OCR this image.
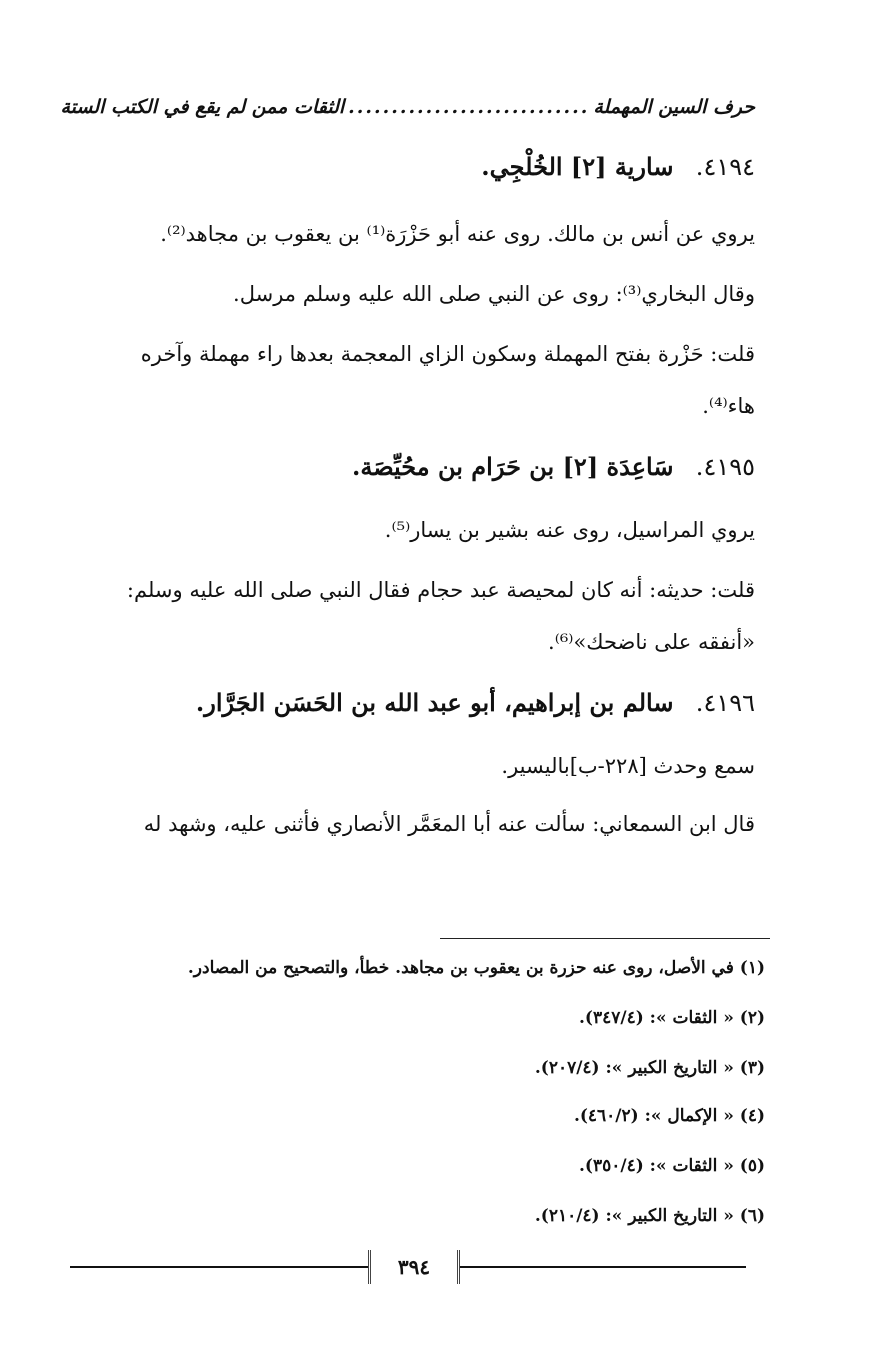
حرف السين المهملة
............................
الثقات ممن لم يقع في الكتب الستة
٤١٩٤. سارية [٢] الخُلْجِي.
يروي عن أنس بن مالك. روى عنه أبو حَزْرَة⁽¹⁾ بن يعقوب بن مجاهد⁽²⁾.
وقال البخاري⁽³⁾: روى عن النبي صلى الله عليه وسلم مرسل.
قلت: حَزْرة بفتح المهملة وسكون الزاي المعجمة بعدها راء مهملة وآخره
هاء⁽⁴⁾.
٤١٩٥. سَاعِدَة [٢] بن حَرَام بن محُيِّصَة.
يروي المراسيل، روى عنه بشير بن يسار⁽⁵⁾.
قلت: حديثه: أنه كان لمحيصة عبد حجام فقال النبي صلى الله عليه وسلم:
«أنفقه على ناضحك»⁽⁶⁾.
٤١٩٦. سالم بن إبراهيم، أبو عبد الله بن الحَسَن الجَرَّار.
سمع وحدث [٢٢٨-ب]باليسير.
قال ابن السمعاني: سألت عنه أبا المعَمَّر الأنصاري فأثنى عليه، وشهد له
(١) في الأصل، روى عنه حزرة بن يعقوب بن مجاهد. خطأ، والتصحيح من المصادر.
(٢) « الثقات »: (٣٤٧/٤).
(٣) « التاريخ الكبير »: (٢٠٧/٤).
(٤) « الإكمال »: (٤٦٠/٢).
(٥) « الثقات »: (٣٥٠/٤).
(٦) « التاريخ الكبير »: (٢١٠/٤).
٣٩٤
